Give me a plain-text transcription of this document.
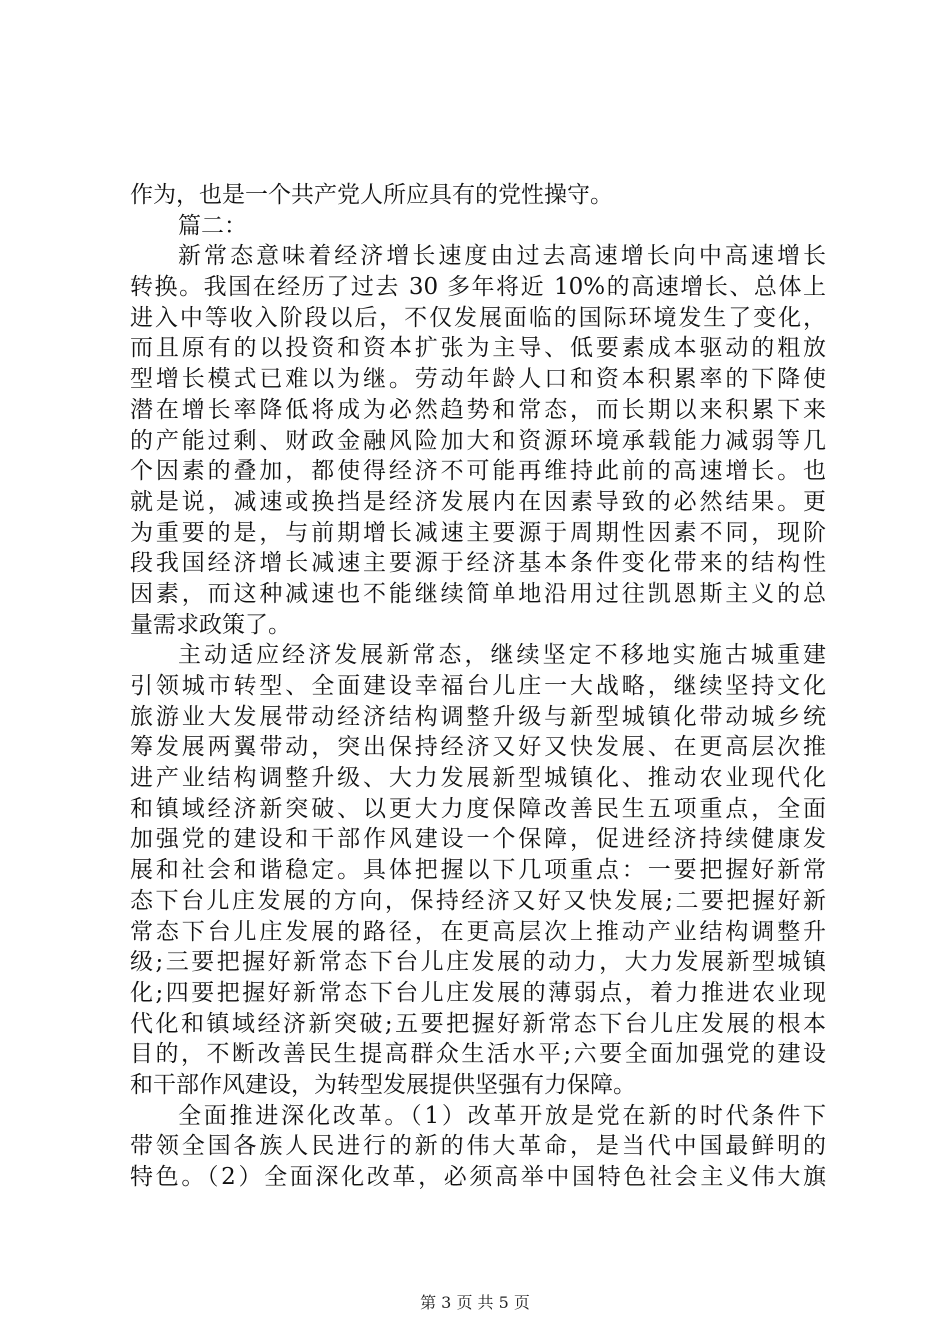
作为，也是一个共产党人所应具有的党性操守。
篇二：
新常态意味着经济增长速度由过去高速增长向中高速增长
转换。我国在经历了过去 30 多年将近 10%的高速增长、总体上
进入中等收入阶段以后，不仅发展面临的国际环境发生了变化，
而且原有的以投资和资本扩张为主导、低要素成本驱动的粗放
型增长模式已难以为继。劳动年龄人口和资本积累率的下降使
潜在增长率降低将成为必然趋势和常态，而长期以来积累下来
的产能过剩、财政金融风险加大和资源环境承载能力减弱等几
个因素的叠加，都使得经济不可能再维持此前的高速增长。也
就是说，减速或换挡是经济发展内在因素导致的必然结果。更
为重要的是，与前期增长减速主要源于周期性因素不同，现阶
段我国经济增长减速主要源于经济基本条件变化带来的结构性
因素，而这种减速也不能继续简单地沿用过往凯恩斯主义的总
量需求政策了。
主动适应经济发展新常态，继续坚定不移地实施古城重建
引领城市转型、全面建设幸福台儿庄一大战略，继续坚持文化
旅游业大发展带动经济结构调整升级与新型城镇化带动城乡统
筹发展两翼带动，突出保持经济又好又快发展、在更高层次推
进产业结构调整升级、大力发展新型城镇化、推动农业现代化
和镇域经济新突破、以更大力度保障改善民生五项重点，全面
加强党的建设和干部作风建设一个保障，促进经济持续健康发
展和社会和谐稳定。具体把握以下几项重点：一要把握好新常
态下台儿庄发展的方向，保持经济又好又快发展;二要把握好新
常态下台儿庄发展的路径，在更高层次上推动产业结构调整升
级;三要把握好新常态下台儿庄发展的动力，大力发展新型城镇
化;四要把握好新常态下台儿庄发展的薄弱点，着力推进农业现
代化和镇域经济新突破;五要把握好新常态下台儿庄发展的根本
目的，不断改善民生提高群众生活水平;六要全面加强党的建设
和干部作风建设，为转型发展提供坚强有力保障。
全面推进深化改革。（1）改革开放是党在新的时代条件下
带领全国各族人民进行的新的伟大革命，是当代中国最鲜明的
特色。（2）全面深化改革，必须高举中国特色社会主义伟大旗
第 3 页 共 5 页
